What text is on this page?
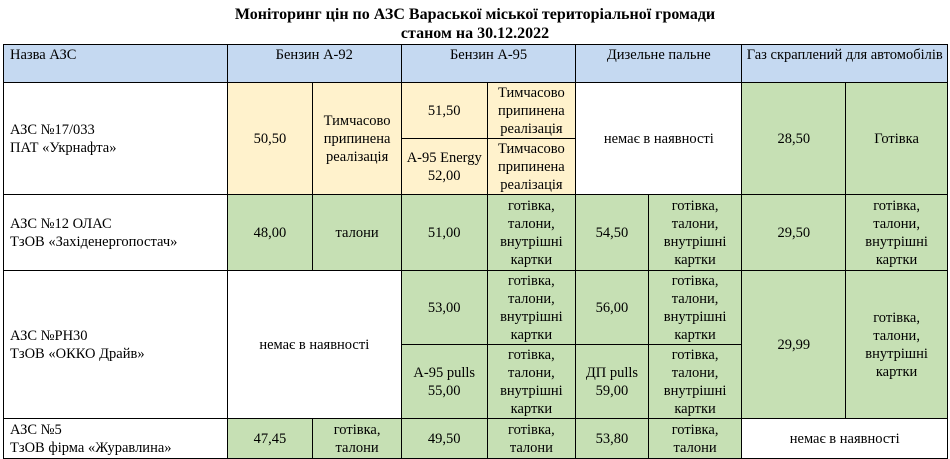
Моніторинг цін по АЗС Вараської міської територіальної громади
станом на 30.12.2022
Назва АЗС	Бензин А-92		Бензин А-95		Дизельне пальне		Газ скраплений для автомобілів	
АЗС №17/033
ПАТ «Укрнафта»	50,50	Тимчасово припинена реалізація	51,50	Тимчасово припинена реалізація	немає в наявності		28,50	Готівка
			А-95 Energy 52,00	Тимчасово припинена реалізація				
АЗС №12 ОЛАС
ТзОВ «Західенергопостач»	48,00	талони	51,00	готівка, талони, внутрішні картки	54,50	готівка, талони, внутрішні картки	29,50	готівка, талони, внутрішні картки
АЗС №РН30
ТзОВ «ОККО Драйв»	немає в наявності		53,00	готівка, талони, внутрішні картки	56,00	готівка, талони, внутрішні картки	29,99	готівка, талони, внутрішні картки
			А-95 pulls 55,00	готівка, талони, внутрішні картки	ДП pulls 59,00	готівка, талони, внутрішні картки		
АЗС №5
ТзОВ фірма «Журавлина»	47,45	готівка, талони	49,50	готівка, талони	53,80	готівка, талони	немає в наявності	
